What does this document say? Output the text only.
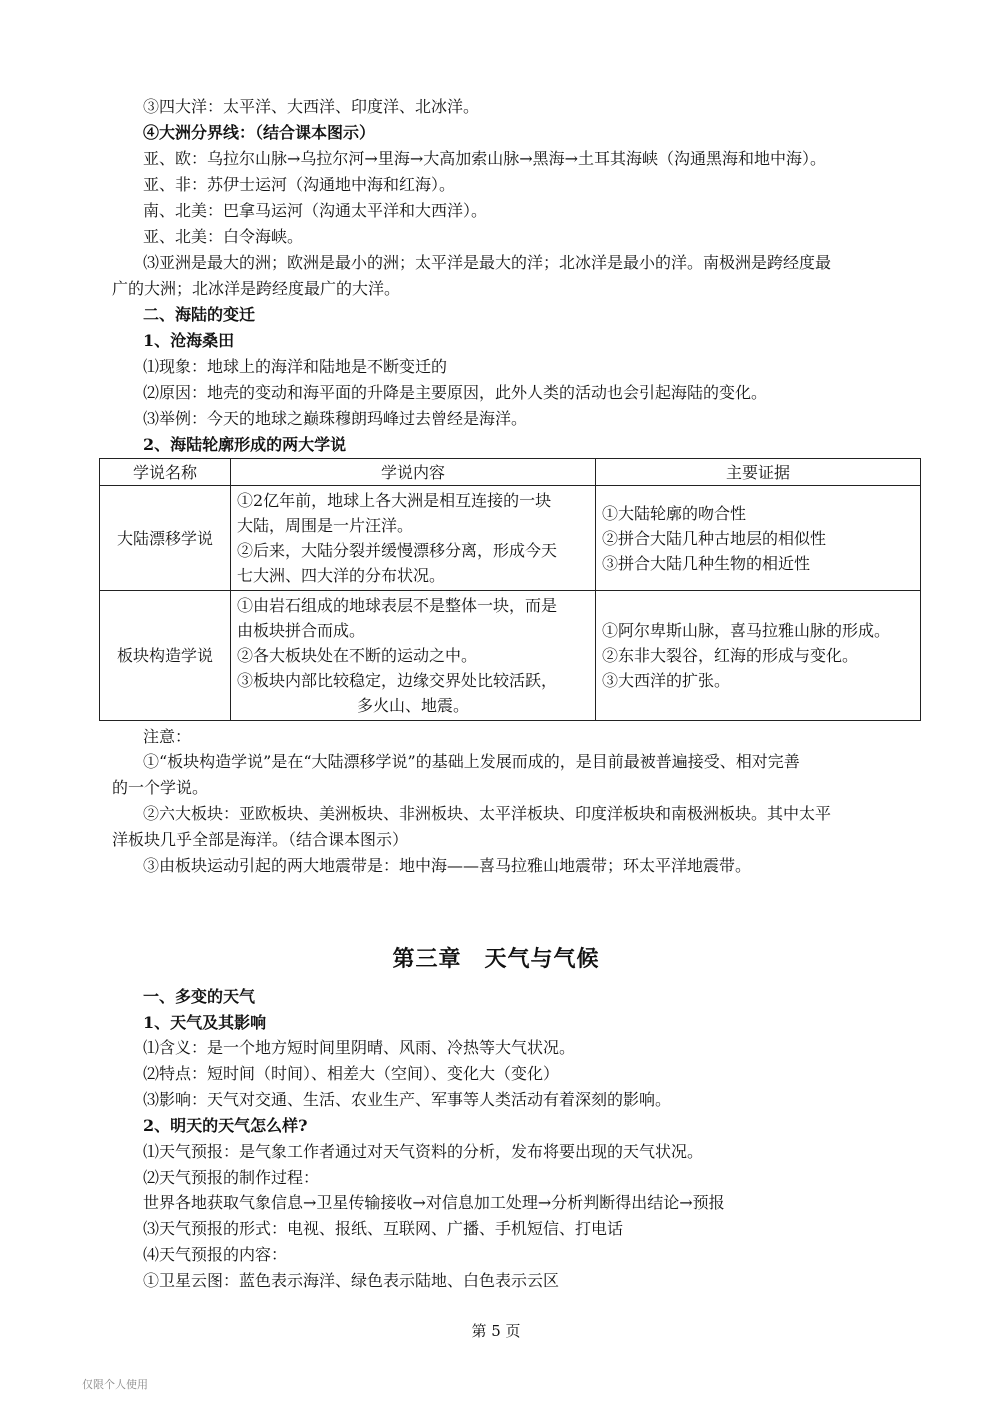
③四大洋：太平洋、大西洋、印度洋、北冰洋。
④大洲分界线：（结合课本图示）
亚、欧：乌拉尔山脉→乌拉尔河→里海→大高加索山脉→黑海→土耳其海峡（沟通黑海和地中海）。
亚、非：苏伊士运河（沟通地中海和红海）。
南、北美：巴拿马运河（沟通太平洋和大西洋）。
亚、北美：白令海峡。
⑶亚洲是最大的洲；欧洲是最小的洲；太平洋是最大的洋；北冰洋是最小的洋。南极洲是跨经度最
广的大洲；北冰洋是跨经度最广的大洋。
二、海陆的变迁
1、沧海桑田
⑴现象：地球上的海洋和陆地是不断变迁的
⑵原因：地壳的变动和海平面的升降是主要原因，此外人类的活动也会引起海陆的变化。
⑶举例：今天的地球之巅珠穆朗玛峰过去曾经是海洋。
2、海陆轮廓形成的两大学说
学说名称	学说内容	主要证据
大陆漂移学说	①2亿年前，地球上各大洲是相互连接的一块
大陆，周围是一片汪洋。
②后来，大陆分裂并缓慢漂移分离，形成今天
七大洲、四大洋的分布状况。	①大陆轮廓的吻合性
②拼合大陆几种古地层的相似性
③拼合大陆几种生物的相近性

板块构造学说	①由岩石组成的地球表层不是整体一块，而是
由板块拼合而成。
②各大板块处在不断的运动之中。
③板块内部比较稳定，边缘交界处比较活跃，
多火山、地震。	①阿尔卑斯山脉，喜马拉雅山脉的形成。
②东非大裂谷，红海的形成与变化。
③大西洋的扩张。
注意：
①“板块构造学说”是在“大陆漂移学说”的基础上发展而成的，是目前最被普遍接受、相对完善
的一个学说。
②六大板块：亚欧板块、美洲板块、非洲板块、太平洋板块、印度洋板块和南极洲板块。其中太平
洋板块几乎全部是海洋。（结合课本图示）
③由板块运动引起的两大地震带是：地中海——喜马拉雅山地震带；环太平洋地震带。
第三章　天气与气候
一、多变的天气
1、天气及其影响
⑴含义：是一个地方短时间里阴晴、风雨、冷热等大气状况。
⑵特点：短时间（时间）、相差大（空间）、变化大（变化）
⑶影响：天气对交通、生活、农业生产、军事等人类活动有着深刻的影响。
2、明天的天气怎么样?
⑴天气预报：是气象工作者通过对天气资料的分析，发布将要出现的天气状况。
⑵天气预报的制作过程：
世界各地获取气象信息→卫星传输接收→对信息加工处理→分析判断得出结论→预报
⑶天气预报的形式：电视、报纸、互联网、广播、手机短信、打电话
⑷天气预报的内容：
①卫星云图：蓝色表示海洋、绿色表示陆地、白色表示云区
第 5 页
仅限个人使用
